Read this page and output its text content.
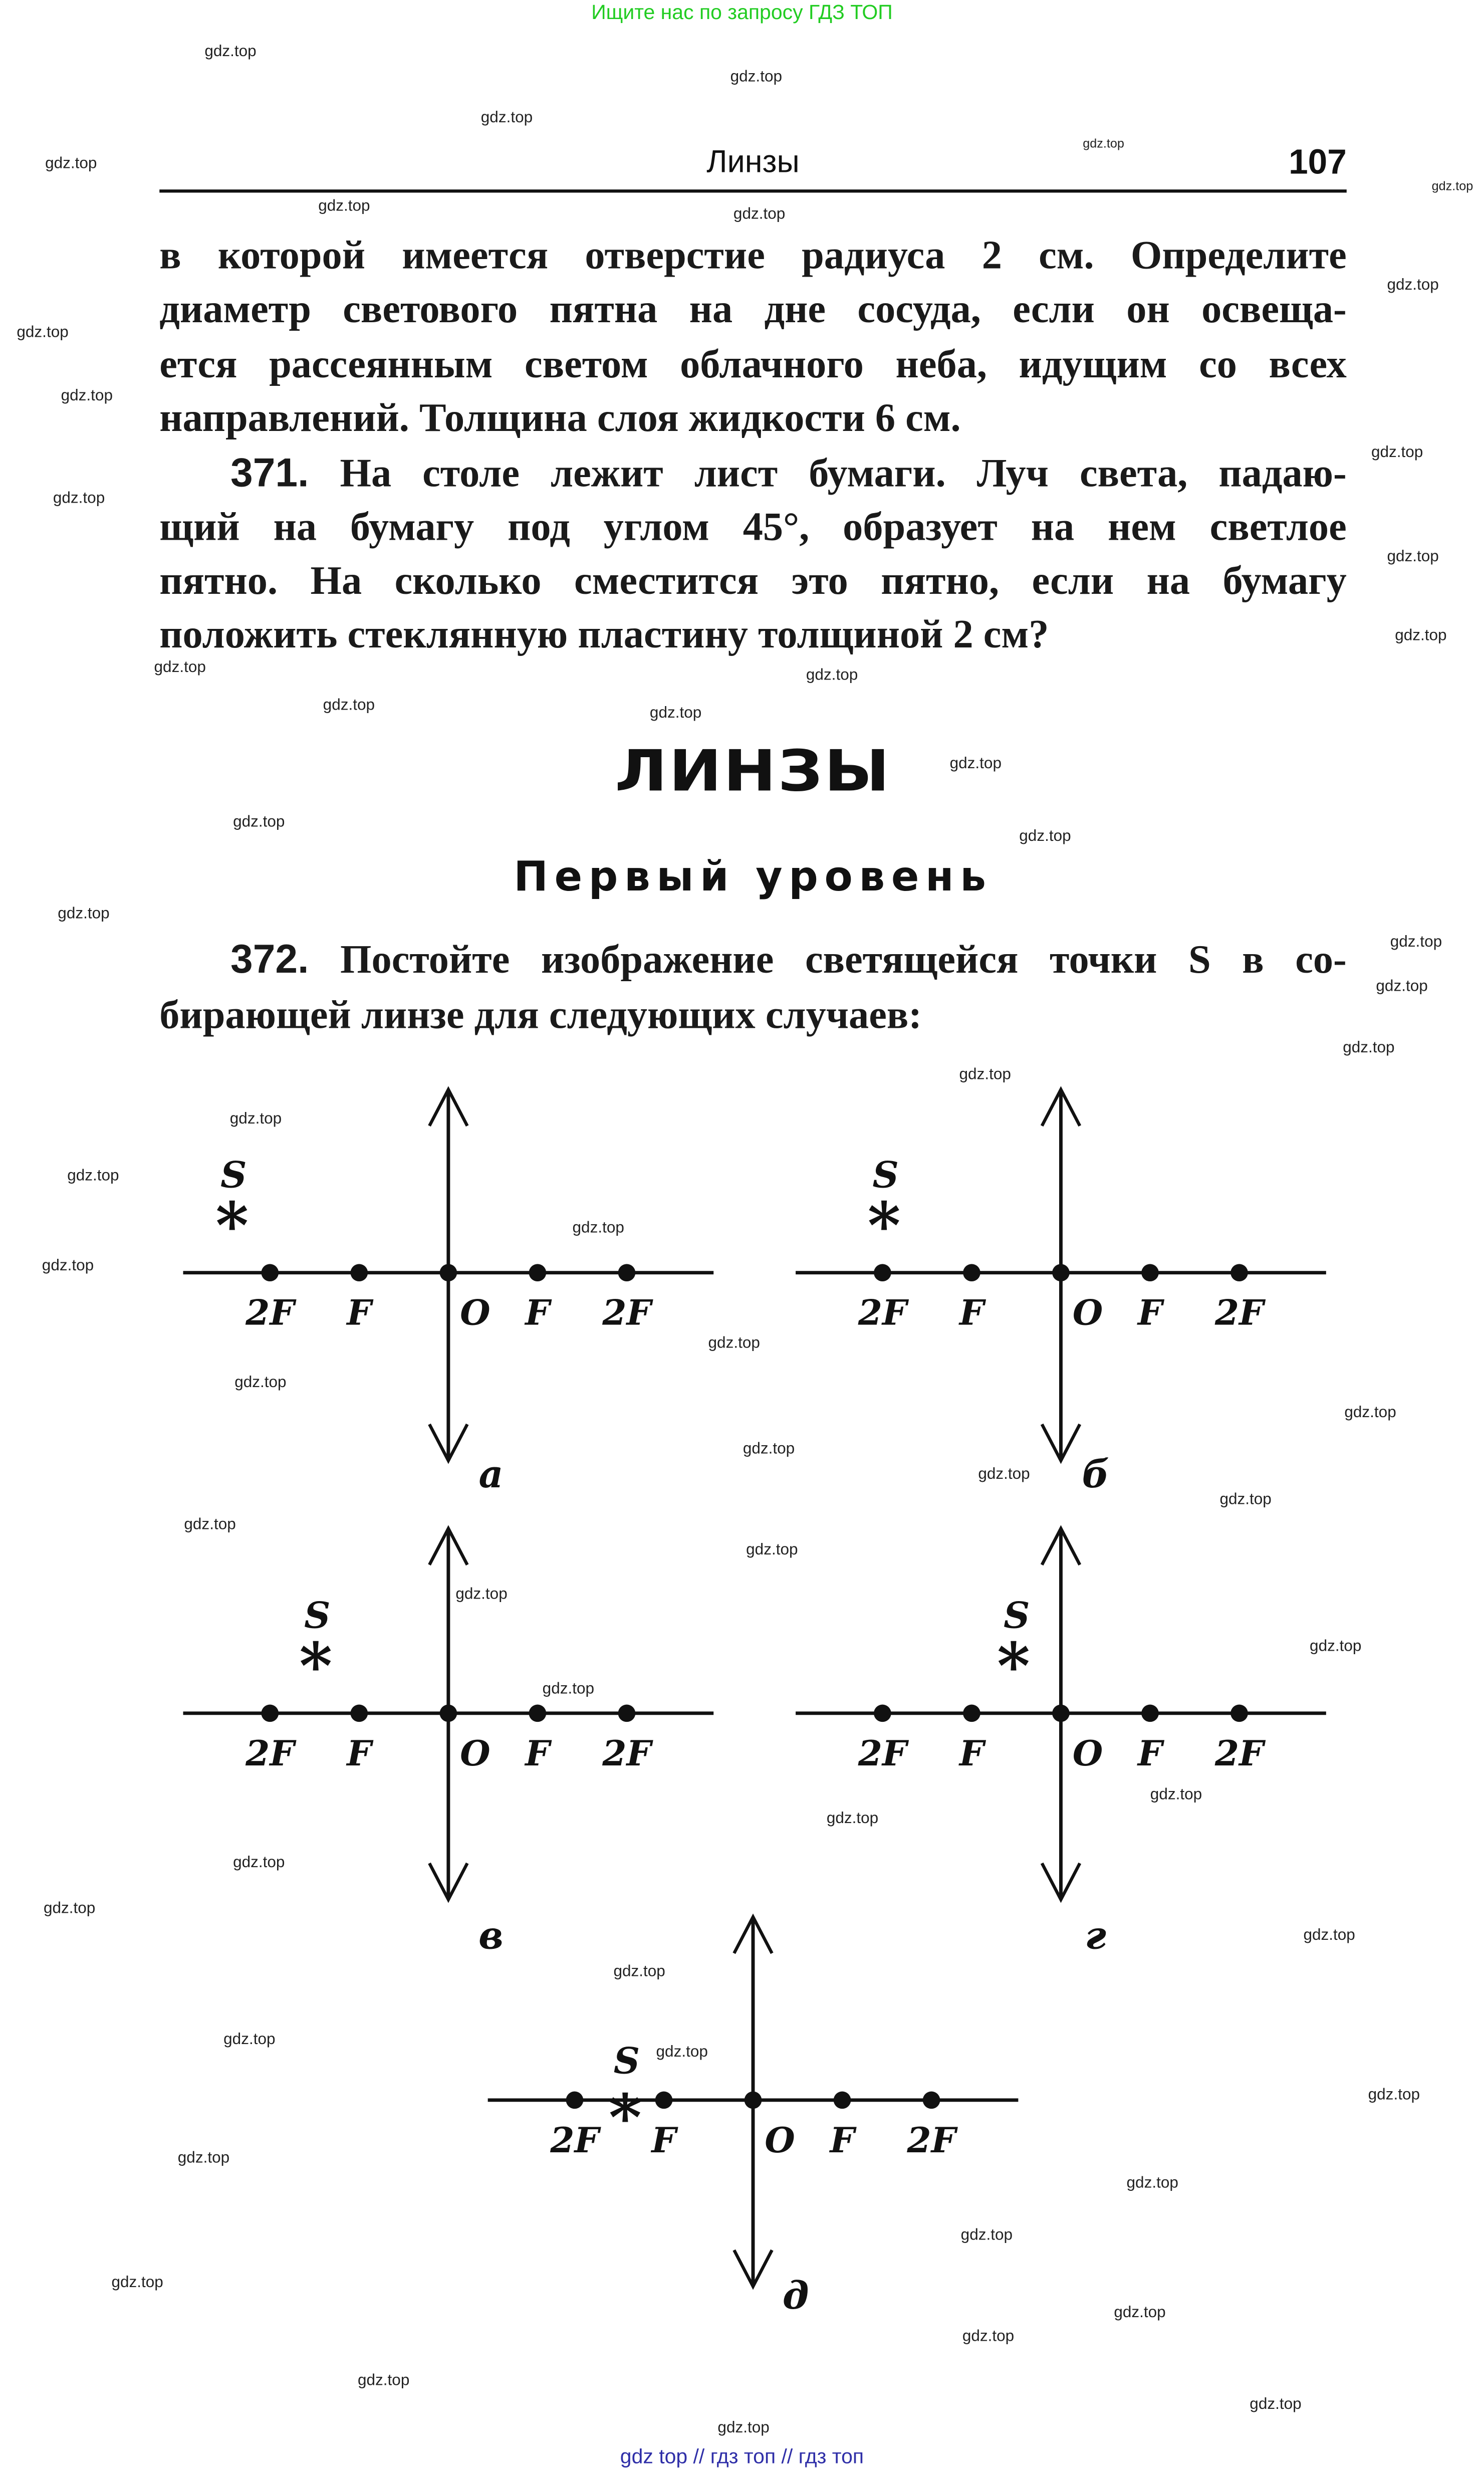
Ищите нас по запросу ГДЗ ТОП
Линзы	107
в которой имеется отверстие радиуса 2 см. Определите
диаметр светового пятна на дне сосуда, если он освеща-
ется рассеянным светом облачного неба, идущим со всех
направлений. Толщина слоя жидкости 6 см.
371. На столе лежит лист бумаги. Луч света, падаю-
щий на бумагу под углом 45°, образует на нем светлое
пятно. На сколько сместится это пятно, если на бумагу
положить стеклянную пластину толщиной 2 см?
ЛИНЗЫ
Первый уровень
372. Постойте изображение светящейся точки S в со-
бирающей линзе для следующих случаев:
2F	F	O	F	2F
S
*
а
2F	F	O	F	2F
S
*
б
2F	F	O	F	2F
S
*
в
2F	F	O	F	2F
S
*
г
2F	F	O	F	2F
S
*
д
gdz.top
gdz.top
gdz.top
gdz.top
gdz.top
gdz.top
gdz.top	gdz.top
gdz.top
gdz.top
gdz.top
gdz.top
gdz.top
gdz.top
gdz.top
gdz.top
gdz.top
gdz.top	gdz.top
gdz.top
gdz.top
gdz.top
gdz.top
gdz.top
gdz.top
gdz.top
gdz.top
gdz.top
gdz.top
gdz.top
gdz.top
gdz.top
gdz.top
gdz.top
gdz.top
gdz.top
gdz.top
gdz.top
gdz.top
gdz.top
gdz.top
gdz.top
gdz.top
gdz.top
gdz.top
gdz.top
gdz.top
gdz.top
gdz.top
gdz.top
gdz.top
gdz.top
gdz.top
gdz.top
gdz.top
gdz.top
gdz.top
gdz.top
gdz.top
gdz.top
gdz top // гдз топ // гдз топ
